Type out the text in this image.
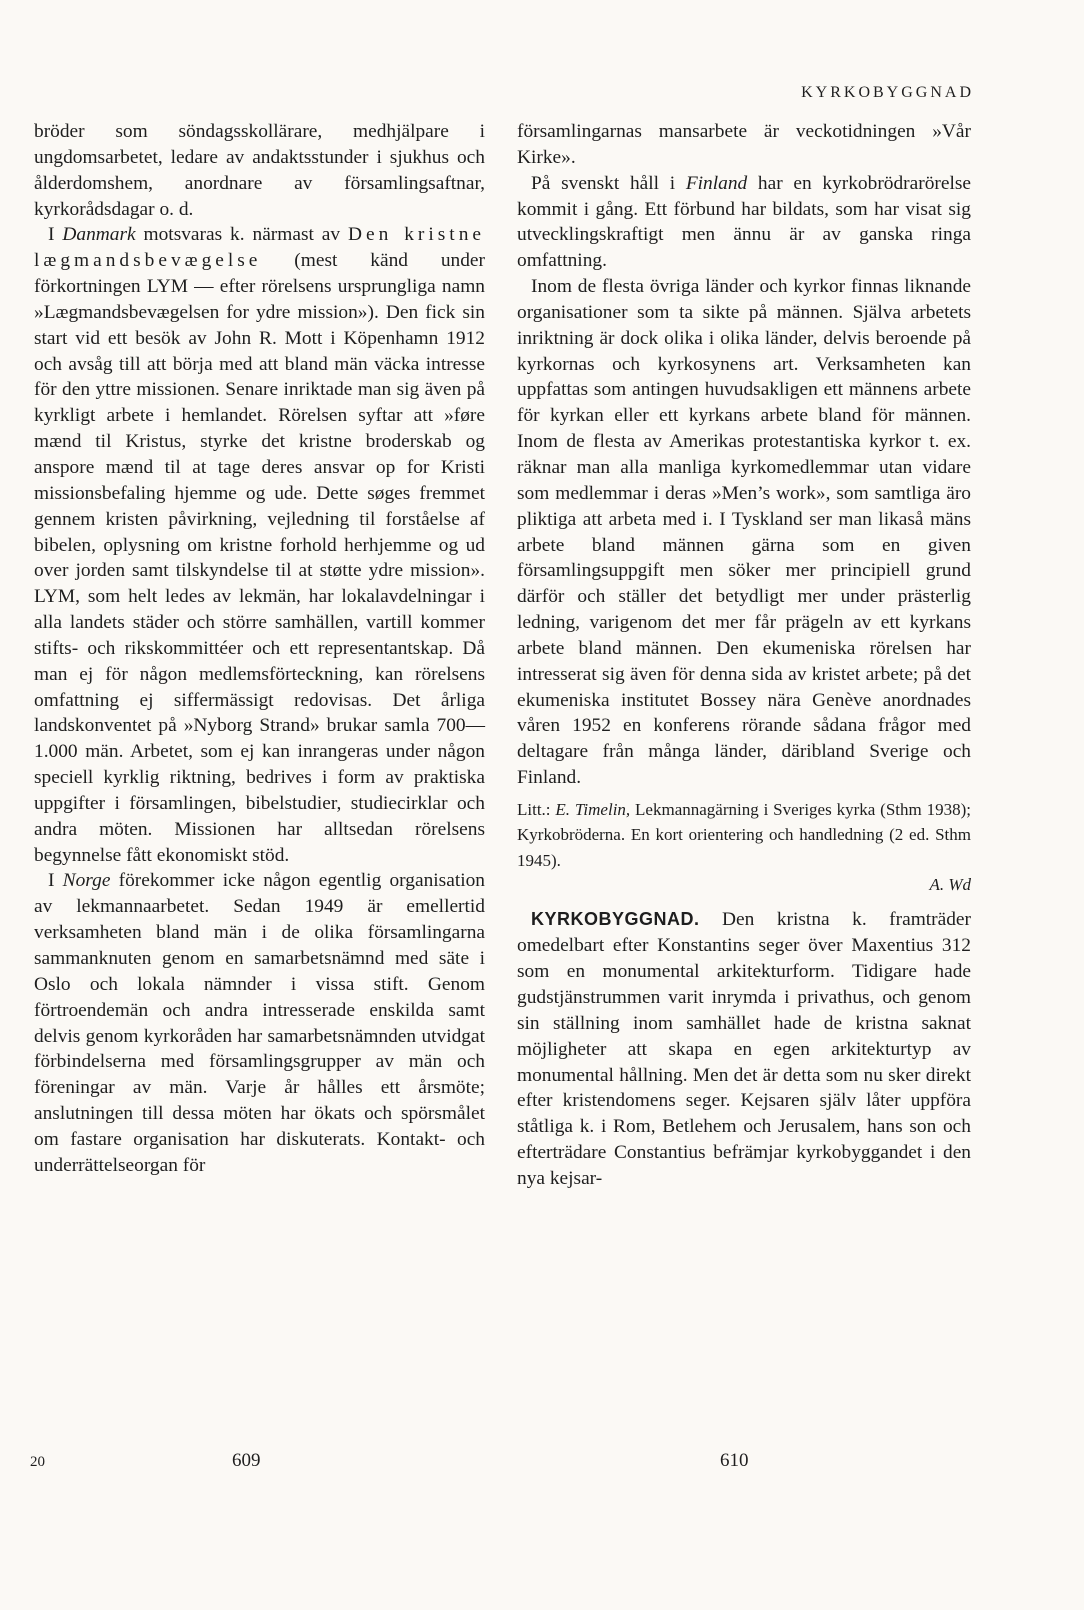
KYRKOBYGGNAD

bröder som söndagsskollärare, medhjälpare i ungdomsarbetet, ledare av andaktsstunder i sjukhus och ålderdomshem, anordnare av församlingsaftnar, kyrkorådsdagar o. d.

I Danmark motsvaras k. närmast av Den kristne lægmandsbevægelse (mest känd under förkortningen LYM — efter rörelsens ursprungliga namn »Lægmandsbevægelsen for ydre mission»). Den fick sin start vid ett besök av John R. Mott i Köpenhamn 1912 och avsåg till att börja med att bland män väcka intresse för den yttre missionen. Senare inriktade man sig även på kyrkligt arbete i hemlandet. Rörelsen syftar att »føre mænd til Kristus, styrke det kristne broderskab og anspore mænd til at tage deres ansvar op for Kristi missionsbefaling hjemme og ude. Dette søges fremmet gennem kristen påvirkning, vejledning til forståelse af bibelen, oplysning om kristne forhold herhjemme og ud over jorden samt tilskyndelse til at støtte ydre mission». LYM, som helt ledes av lekmän, har lokalavdelningar i alla landets städer och större samhällen, vartill kommer stifts- och rikskommittéer och ett representantskap. Då man ej för någon medlemsförteckning, kan rörelsens omfattning ej siffermässigt redovisas. Det årliga landskonventet på »Nyborg Strand» brukar samla 700—1.000 män. Arbetet, som ej kan inrangeras under någon speciell kyrklig riktning, bedrives i form av praktiska uppgifter i församlingen, bibelstudier, studiecirklar och andra möten. Missionen har alltsedan rörelsens begynnelse fått ekonomiskt stöd.

I Norge förekommer icke någon egentlig organisation av lekmannaarbetet. Sedan 1949 är emellertid verksamheten bland män i de olika församlingarna sammanknuten genom en samarbetsnämnd med säte i Oslo och lokala nämnder i vissa stift. Genom förtroendemän och andra intresserade enskilda samt delvis genom kyrkoråden har samarbetsnämnden utvidgat förbindelserna med församlingsgrupper av män och föreningar av män. Varje år hålles ett årsmöte; anslutningen till dessa möten har ökats och spörsmålet om fastare organisation har diskuterats. Kontakt- och underrättelseorgan för

församlingarnas mansarbete är veckotidningen »Vår Kirke».

På svenskt håll i Finland har en kyrkobrödrarörelse kommit i gång. Ett förbund har bildats, som har visat sig utvecklingskraftigt men ännu är av ganska ringa omfattning.

Inom de flesta övriga länder och kyrkor finnas liknande organisationer som ta sikte på männen. Själva arbetets inriktning är dock olika i olika länder, delvis beroende på kyrkornas och kyrkosynens art. Verksamheten kan uppfattas som antingen huvudsakligen ett männens arbete för kyrkan eller ett kyrkans arbete bland för männen. Inom de flesta av Amerikas protestantiska kyrkor t. ex. räknar man alla manliga kyrkomedlemmar utan vidare som medlemmar i deras »Men’s work», som samtliga äro pliktiga att arbeta med i. I Tyskland ser man likaså mäns arbete bland männen gärna som en given församlingsuppgift men söker mer principiell grund därför och ställer det betydligt mer under prästerlig ledning, varigenom det mer får prägeln av ett kyrkans arbete bland männen. Den ekumeniska rörelsen har intresserat sig även för denna sida av kristet arbete; på det ekumeniska institutet Bossey nära Genève anordnades våren 1952 en konferens rörande sådana frågor med deltagare från många länder, däribland Sverige och Finland.

Litt.: E. Timelin, Lekmannagärning i Sveriges kyrka (Sthm 1938); Kyrkobröderna. En kort orientering och handledning (2 ed. Sthm 1945).

A. Wd

KYRKOBYGGNAD. Den kristna k. framträder omedelbart efter Konstantins seger över Maxentius 312 som en monumental arkitekturform. Tidigare hade gudstjänstrummen varit inrymda i privathus, och genom sin ställning inom samhället hade de kristna saknat möjligheter att skapa en egen arkitekturtyp av monumental hållning. Men det är detta som nu sker direkt efter kristendomens seger. Kejsaren själv låter uppföra ståtliga k. i Rom, Betlehem och Jerusalem, hans son och efterträdare Constantius befrämjar kyrkobyggandet i den nya kejsar-

20	609	610
